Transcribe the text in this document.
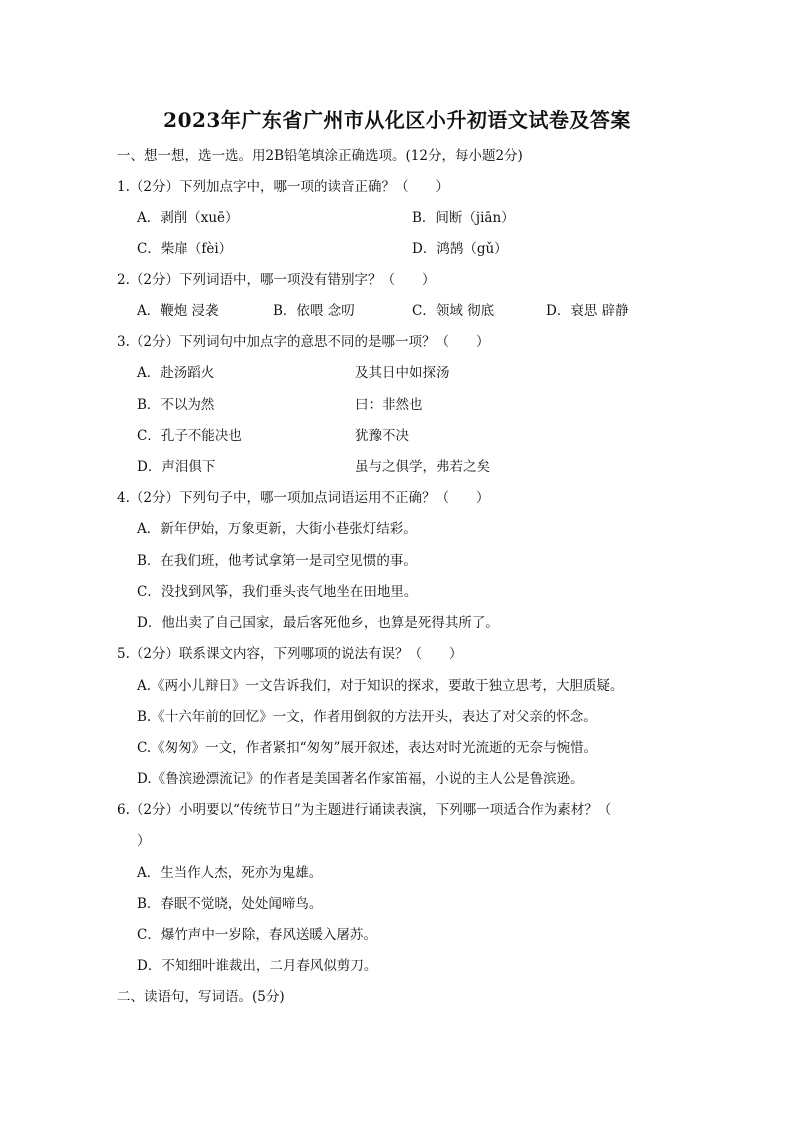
2023年广东省广州市从化区小升初语文试卷及答案
一、想一想，选一选。用2B铅笔填涂正确选项。(12分，每小题2分)
1.（2分）下列加点字中，哪一项的读音正确？（　　）
A．剥削（xuē）	B．间断（jiān）
C．柴扉（fèi）	D．鸿鹄（gǔ）
2.（2分）下列词语中，哪一项没有错别字？（　　）
A．鞭炮 浸袭	B．依喂 念叨	C．领域 彻底	D．衰思 辟静
3.（2分）下列词句中加点字的意思不同的是哪一项？（　　）
A．赴汤蹈火	及其日中如探汤
B．不以为然	曰：非然也
C．孔子不能决也	犹豫不决
D．声泪俱下	虽与之俱学，弗若之矣
4.（2分）下列句子中，哪一项加点词语运用不正确？（　　）
A．新年伊始，万象更新，大街小巷张灯结彩。
B．在我们班，他考试拿第一是司空见惯的事。
C．没找到风筝，我们垂头丧气地坐在田地里。
D．他出卖了自己国家，最后客死他乡，也算是死得其所了。
5.（2分）联系课文内容，下列哪项的说法有误？（　　）
A.《两小儿辩日》一文告诉我们，对于知识的探求，要敢于独立思考，大胆质疑。
B.《十六年前的回忆》一文，作者用倒叙的方法开头，表达了对父亲的怀念。
C.《匆匆》一文，作者紧扣“匆匆”展开叙述，表达对时光流逝的无奈与惋惜。
D.《鲁滨逊漂流记》的作者是美国著名作家笛福，小说的主人公是鲁滨逊。
6.（2分）小明要以“传统节日”为主题进行诵读表演，下列哪一项适合作为素材？（
）
A．生当作人杰，死亦为鬼雄。
B．春眠不觉晓，处处闻啼鸟。
C．爆竹声中一岁除，春风送暖入屠苏。
D．不知细叶谁裁出，二月春风似剪刀。
二、读语句，写词语。(5分)
